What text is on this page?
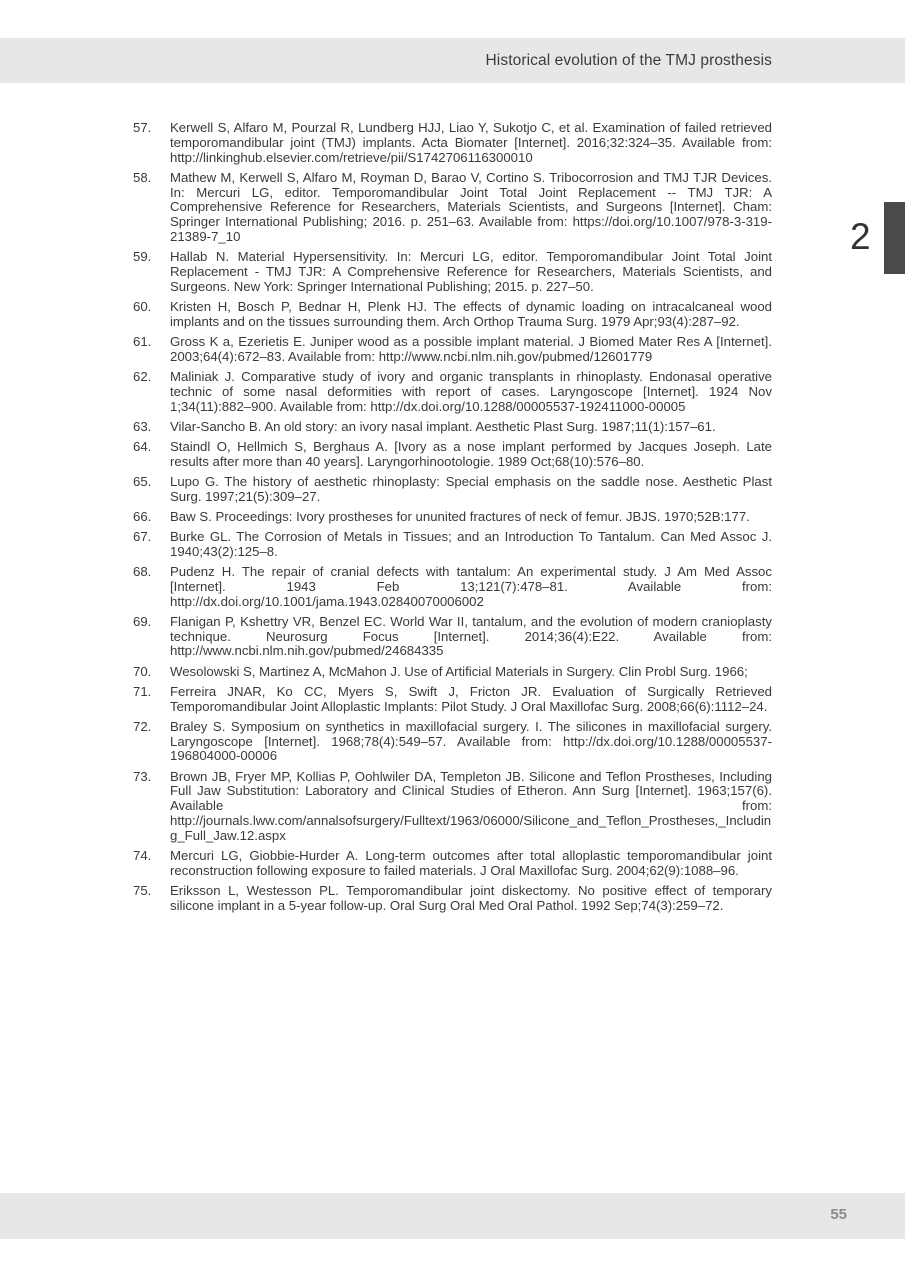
Historical evolution of the TMJ prosthesis
2
57.	Kerwell S, Alfaro M, Pourzal R, Lundberg HJJ, Liao Y, Sukotjo C, et al. Examination of failed retrieved temporomandibular joint (TMJ) implants. Acta Biomater [Internet]. 2016;32:324–35. Available from: http://linkinghub.elsevier.com/retrieve/pii/S1742706116300010
58.	Mathew M, Kerwell S, Alfaro M, Royman D, Barao V, Cortino S. Tribocorrosion and TMJ TJR Devices. In: Mercuri LG, editor. Temporomandibular Joint Total Joint Replacement -- TMJ TJR: A Comprehensive Reference for Researchers, Materials Scientists, and Surgeons [Internet]. Cham: Springer International Publishing; 2016. p. 251–63. Available from: https://doi.org/10.1007/978-3-319-21389-7_10
59.	Hallab N. Material Hypersensitivity. In: Mercuri LG, editor. Temporomandibular Joint Total Joint Replacement - TMJ TJR: A Comprehensive Reference for Researchers, Materials Scientists, and Surgeons. New York: Springer International Publishing; 2015. p. 227–50.
60.	Kristen H, Bosch P, Bednar H, Plenk HJ. The effects of dynamic loading on intracalcaneal wood implants and on the tissues surrounding them. Arch Orthop Trauma Surg. 1979 Apr;93(4):287–92.
61.	Gross K a, Ezerietis E. Juniper wood as a possible implant material. J Biomed Mater Res A [Internet]. 2003;64(4):672–83. Available from: http://www.ncbi.nlm.nih.gov/pubmed/12601779
62.	Maliniak J. Comparative study of ivory and organic transplants in rhinoplasty. Endonasal operative technic of some nasal deformities with report of cases. Laryngoscope [Internet]. 1924 Nov 1;34(11):882–900. Available from: http://dx.doi.org/10.1288/00005537-192411000-00005
63.	Vilar-Sancho B. An old story: an ivory nasal implant. Aesthetic Plast Surg. 1987;11(1):157–61.
64.	Staindl O, Hellmich S, Berghaus A. [Ivory as a nose implant performed by Jacques Joseph. Late results after more than 40 years]. Laryngorhinootologie. 1989 Oct;68(10):576–80.
65.	Lupo G. The history of aesthetic rhinoplasty: Special emphasis on the saddle nose. Aesthetic Plast Surg. 1997;21(5):309–27.
66.	Baw S. Proceedings: Ivory prostheses for ununited fractures of neck of femur. JBJS. 1970;52B:177.
67.	Burke GL. The Corrosion of Metals in Tissues; and an Introduction To Tantalum. Can Med Assoc J. 1940;43(2):125–8.
68.	Pudenz H. The repair of cranial defects with tantalum: An experimental study. J Am Med Assoc [Internet]. 1943 Feb 13;121(7):478–81. Available from: http://dx.doi.org/10.1001/jama.1943.02840070006002
69.	Flanigan P, Kshettry VR, Benzel EC. World War II, tantalum, and the evolution of modern cranioplasty technique. Neurosurg Focus [Internet]. 2014;36(4):E22. Available from: http://www.ncbi.nlm.nih.gov/pubmed/24684335
70.	Wesolowski S, Martinez A, McMahon J. Use of Artificial Materials in Surgery. Clin Probl Surg. 1966;
71.	Ferreira JNAR, Ko CC, Myers S, Swift J, Fricton JR. Evaluation of Surgically Retrieved Temporomandibular Joint Alloplastic Implants: Pilot Study. J Oral Maxillofac Surg. 2008;66(6):1112–24.
72.	Braley S. Symposium on synthetics in maxillofacial surgery. I. The silicones in maxillofacial surgery. Laryngoscope [Internet]. 1968;78(4):549–57. Available from: http://dx.doi.org/10.1288/00005537-196804000-00006
73.	Brown JB, Fryer MP, Kollias P, Oohlwiler DA, Templeton JB. Silicone and Teflon Prostheses, Including Full Jaw Substitution: Laboratory and Clinical Studies of Etheron. Ann Surg [Internet]. 1963;157(6). Available from: http://journals.lww.com/annalsofsurgery/Fulltext/1963/06000/Silicone_and_Teflon_Prostheses,_Including_Full_Jaw.12.aspx
74.	Mercuri LG, Giobbie-Hurder A. Long-term outcomes after total alloplastic temporomandibular joint reconstruction following exposure to failed materials. J Oral Maxillofac Surg. 2004;62(9):1088–96.
75.	Eriksson L, Westesson PL. Temporomandibular joint diskectomy. No positive effect of temporary silicone implant in a 5-year follow-up. Oral Surg Oral Med Oral Pathol. 1992 Sep;74(3):259–72.
55
